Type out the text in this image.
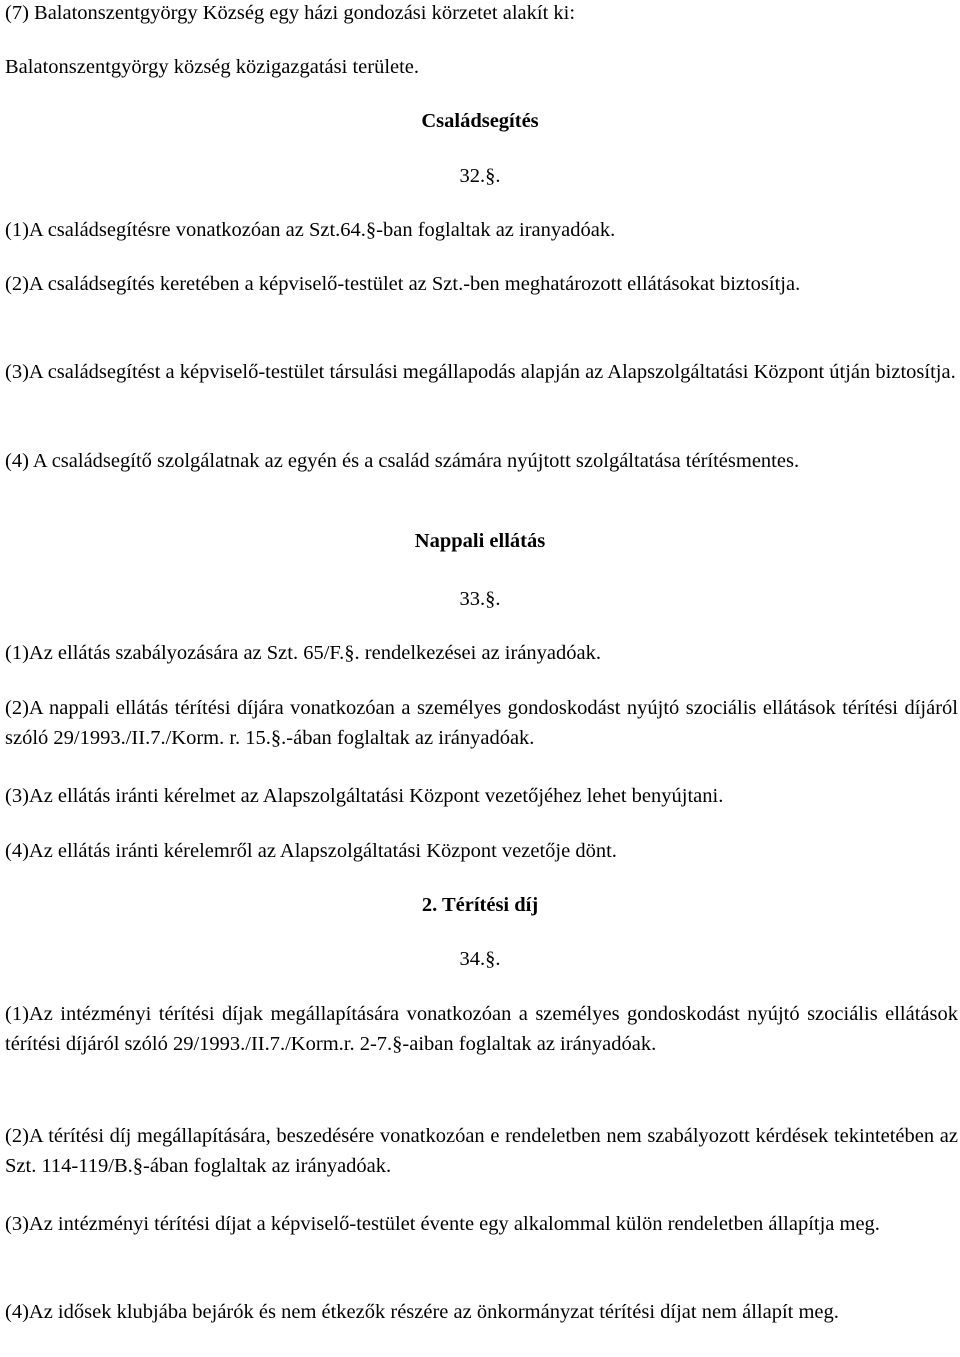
(7) Balatonszentgyörgy Község egy házi gondozási körzetet alakít ki:

Balatonszentgyörgy község közigazgatási területe.

Családsegítés

32.§.

(1)A családsegítésre vonatkozóan az Szt.64.§-ban foglaltak az iranyadóak.

(2)A családsegítés keretében a képviselő-testület az Szt.-ben meghatározott ellátásokat biztosítja.

(3)A családsegítést a képviselő-testület társulási megállapodás alapján az Alapszolgáltatási Központ útján biztosítja.

(4) A családsegítő szolgálatnak az egyén és a család számára nyújtott szolgáltatása térítésmentes.

Nappali ellátás

33.§.

(1)Az ellátás szabályozására az Szt. 65/F.§. rendelkezései az irányadóak.

(2)A nappali ellátás térítési díjára vonatkozóan a személyes gondoskodást nyújtó szociális ellátások térítési díjáról szóló 29/1993./II.7./Korm. r. 15.§.-ában foglaltak az irányadóak.

(3)Az ellátás iránti kérelmet az Alapszolgáltatási Központ vezetőjéhez lehet benyújtani.

(4)Az ellátás iránti kérelemről az Alapszolgáltatási Központ vezetője dönt.

2. Térítési díj

34.§.

(1)Az intézményi térítési díjak megállapítására vonatkozóan a személyes gondoskodást nyújtó szociális ellátások térítési díjáról szóló 29/1993./II.7./Korm.r. 2-7.§-aiban foglaltak az irányadóak.

(2)A térítési díj megállapítására, beszedésére vonatkozóan e rendeletben nem szabályozott kérdések tekintetében az Szt. 114-119/B.§-ában foglaltak az irányadóak.

(3)Az intézményi térítési díjat a képviselő-testület évente egy alkalommal külön rendeletben állapítja meg.

(4)Az idősek klubjába bejárók és nem étkezők részére az önkormányzat térítési díjat nem állapít meg.
